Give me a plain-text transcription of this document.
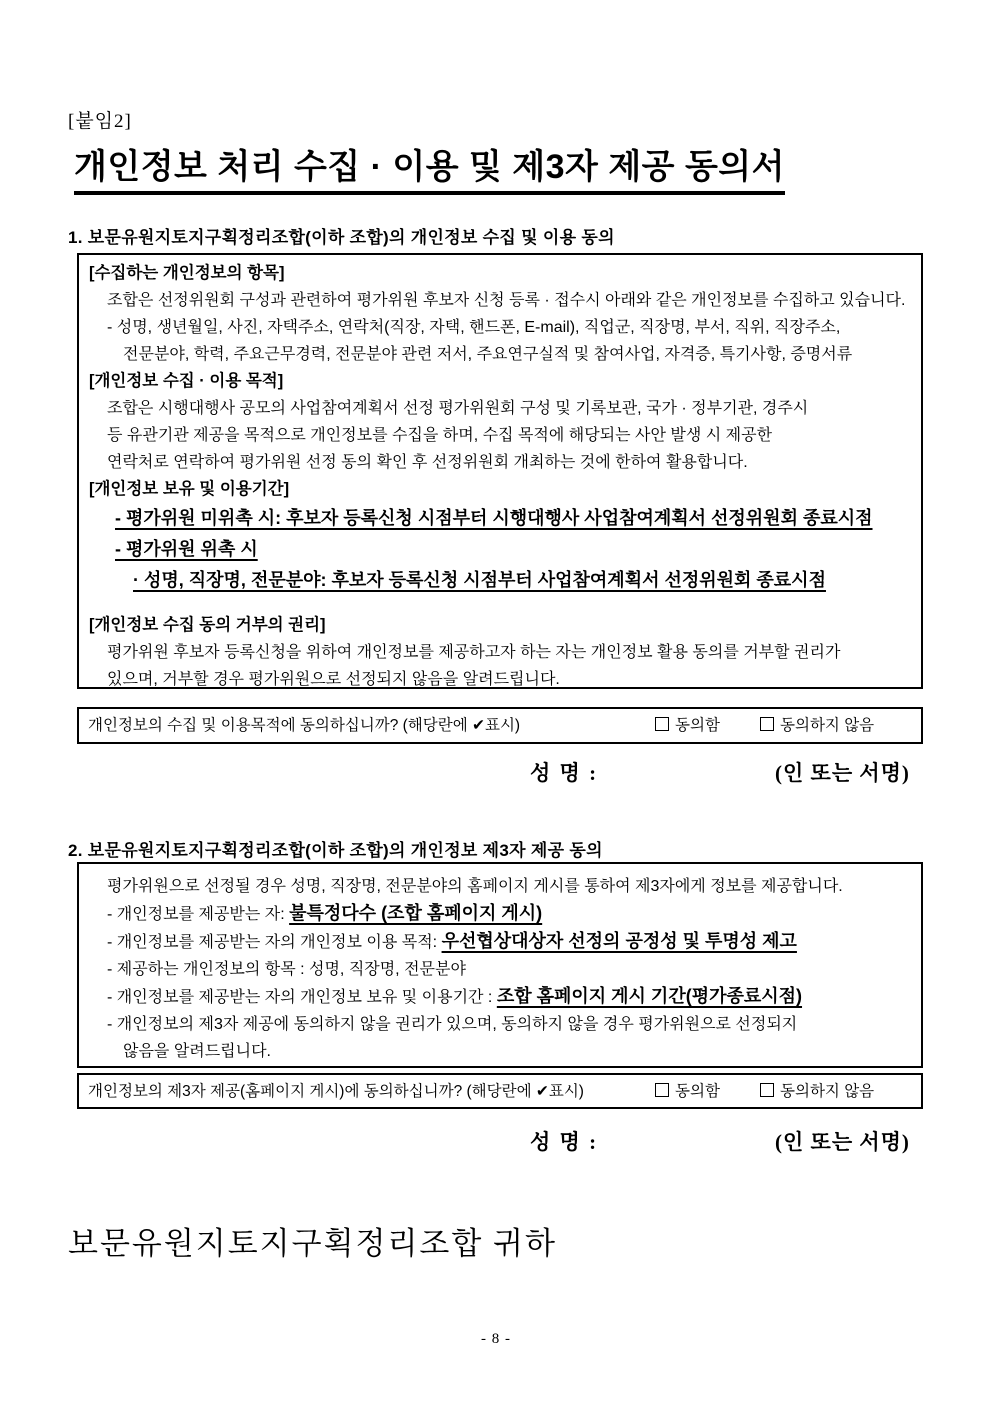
[붙임2]
개인정보 처리 수집 · 이용 및 제3자 제공 동의서
1. 보문유원지토지구획정리조합(이하 조합)의 개인정보 수집 및 이용 동의
[수집하는 개인정보의 항목]
조합은 선정위원회 구성과 관련하여 평가위원 후보자 신청 등록 · 접수시 아래와 같은 개인정보를 수집하고 있습니다.
- 성명, 생년월일, 사진, 자택주소, 연락처(직장, 자택, 핸드폰, E-mail), 직업군, 직장명, 부서, 직위, 직장주소,
전문분야, 학력, 주요근무경력, 전문분야 관련 저서, 주요연구실적 및 참여사업, 자격증, 특기사항, 증명서류
[개인정보 수집 · 이용 목적]
조합은 시행대행사 공모의 사업참여계획서 선정 평가위원회 구성 및 기록보관, 국가 · 정부기관, 경주시
등 유관기관 제공을 목적으로 개인정보를 수집을 하며, 수집 목적에 해당되는 사안 발생 시 제공한
연락처로 연락하여 평가위원 선정 동의 확인 후 선정위원회 개최하는 것에 한하여 활용합니다.
[개인정보 보유 및 이용기간]
- 평가위원 미위촉 시: 후보자 등록신청 시점부터 시행대행사 사업참여계획서 선정위원회 종료시점
- 평가위원 위촉 시
· 성명, 직장명, 전문분야: 후보자 등록신청 시점부터 사업참여계획서 선정위원회 종료시점
[개인정보 수집 동의 거부의 권리]
평가위원 후보자 등록신청을 위하여 개인정보를 제공하고자 하는 자는 개인정보 활용 동의를 거부할 권리가
있으며, 거부할 경우 평가위원으로 선정되지 않음을 알려드립니다.
개인정보의 수집 및 이용목적에 동의하십니까? (해당란에 ✔표시)	동의함	동의하지 않음
성 명 :	(인 또는 서명)
2. 보문유원지토지구획정리조합(이하 조합)의 개인정보 제3자 제공 동의
평가위원으로 선정될 경우 성명, 직장명, 전문분야의 홈페이지 게시를 통하여 제3자에게 정보를 제공합니다.
- 개인정보를 제공받는 자: 불특정다수 (조합 홈페이지 게시)
- 개인정보를 제공받는 자의 개인정보 이용 목적: 우선협상대상자 선정의 공정성 및 투명성 제고
- 제공하는 개인정보의 항목 : 성명, 직장명, 전문분야
- 개인정보를 제공받는 자의 개인정보 보유 및 이용기간 : 조합 홈페이지 게시 기간(평가종료시점)
- 개인정보의 제3자 제공에 동의하지 않을 권리가 있으며, 동의하지 않을 경우 평가위원으로 선정되지
않음을 알려드립니다.
개인정보의 제3자 제공(홈페이지 게시)에 동의하십니까? (해당란에 ✔표시)	동의함	동의하지 않음
성 명 :	(인 또는 서명)
보문유원지토지구획정리조합 귀하
- 8 -
